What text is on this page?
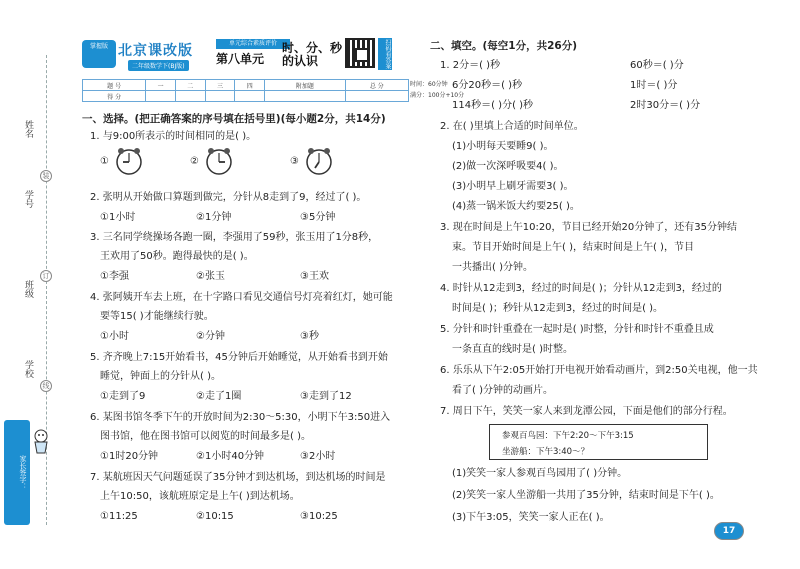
姓名
学号
班级
学校
装
订
线
家长签字：
掌握版 北京课改版
二年级数学下(BJ版)
单元综合素质评价
第八单元
时、分、秒的认识	扫码看答案
题 号	一	二	三	四	附加题	总 分
得 分						
时间：60分钟
满分：100分+10分
一、选择。(把正确答案的序号填在括号里)(每小题2分，共14分)
1. 与9:00所表示的时间相同的是( )。
①	②	③
2. 张明从开始做口算题到做完，分针从8走到了9，经过了( )。
①1小时	②1分钟	③5分钟
3. 三名同学绕操场各跑一圈，李强用了59秒，张玉用了1分8秒，
王欢用了50秒。跑得最快的是( )。
①李强	②张玉	③王欢
4. 张阿姨开车去上班，在十字路口看见交通信号灯亮着红灯，她可能
要等15( )才能继续行驶。
①小时	②分钟	③秒
5. 齐齐晚上7:15开始看书，45分钟后开始睡觉，从开始看书到开始
睡觉，钟面上的分针从( )。
①走到了9	②走了1圈	③走到了12
6. 某图书馆冬季下午的开放时间为2:30～5:30，小明下午3:50进入
图书馆，他在图书馆可以阅览的时间最多是( )。
①1时20分钟	②1小时40分钟	③2小时
7. 某航班因天气问题延误了35分钟才到达机场，到达机场的时间是
上午10:50，该航班原定是上午( )到达机场。
①11:25	②10:15	③10:25
二、填空。(每空1分，共26分)
1. 2分＝( )秒	60秒＝( )分
6分20秒＝( )秒	1时＝( )分
114秒＝( )分( )秒	2时30分＝( )分
2. 在( )里填上合适的时间单位。
(1)小明每天要睡9( )。
(2)做一次深呼吸要4( )。
(3)小明早上刷牙需要3( )。
(4)蒸一锅米饭大约要25( )。
3. 现在时间是上午10:20，节目已经开始20分钟了，还有35分钟结
束。节目开始时间是上午( )，结束时间是上午( )，节目
一共播出( )分钟。
4. 时针从12走到3，经过的时间是( )；分针从12走到3，经过的
时间是( )；秒针从12走到3，经过的时间是( )。
5. 分针和时针重叠在一起时是( )时整，分针和时针不重叠且成
一条直直的线时是( )时整。
6. 乐乐从下午2:05开始打开电视开始看动画片，到2:50关电视，他一共
看了( )分钟的动画片。
7. 周日下午，笑笑一家人来到龙潭公园，下面是他们的部分行程。
参观百鸟园：下午2:20～下午3:15
坐游船：下午3:40～？
(1)笑笑一家人参观百鸟园用了( )分钟。
(2)笑笑一家人坐游船一共用了35分钟，结束时间是下午( )。
(3)下午3:05，笑笑一家人正在( )。
17
